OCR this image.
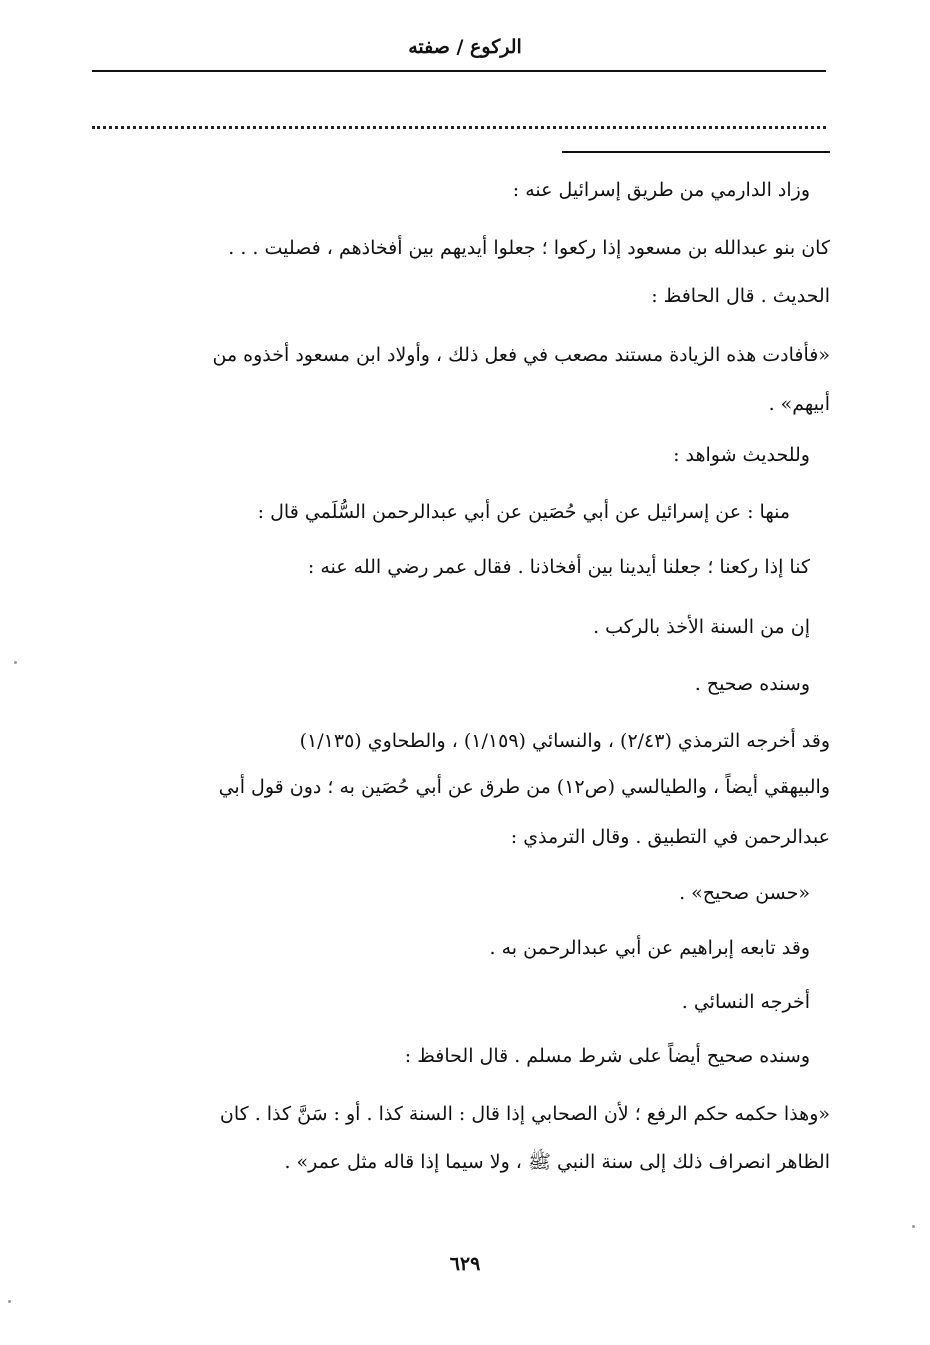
الركوع / صفته
وزاد الدارمي من طريق إسرائيل عنه :
كان بنو عبدالله بن مسعود إذا ركعوا ؛ جعلوا أيديهم بين أفخاذهم ، فصليت . . .
الحديث . قال الحافظ :
«فأفادت هذه الزيادة مستند مصعب في فعل ذلك ، وأولاد ابن مسعود أخذوه من
أبيهم» .
وللحديث شواهد :
منها : عن إسرائيل عن أبي حُصَين عن أبي عبدالرحمن السُّلَمي قال :
كنا إذا ركعنا ؛ جعلنا أيدينا بين أفخاذنا . فقال عمر رضي الله عنه :
إن من السنة الأخذ بالركب .
وسنده صحيح .
وقد أخرجه الترمذي (٢/٤٣) ، والنسائي (١/١٥٩) ، والطحاوي (١/١٣٥)
والبيهقي أيضاً ، والطيالسي (ص١٢) من طرق عن أبي حُصَين به ؛ دون قول أبي
عبدالرحمن في التطبيق . وقال الترمذي :
«حسن صحيح» .
وقد تابعه إبراهيم عن أبي عبدالرحمن به .
أخرجه النسائي .
وسنده صحيح أيضاً على شرط مسلم . قال الحافظ :
«وهذا حكمه حكم الرفع ؛ لأن الصحابي إذا قال : السنة كذا . أو : سَنَّ كذا . كان
الظاهر انصراف ذلك إلى سنة النبي ﷺ ، ولا سيما إذا قاله مثل عمر» .
٦٢٩
